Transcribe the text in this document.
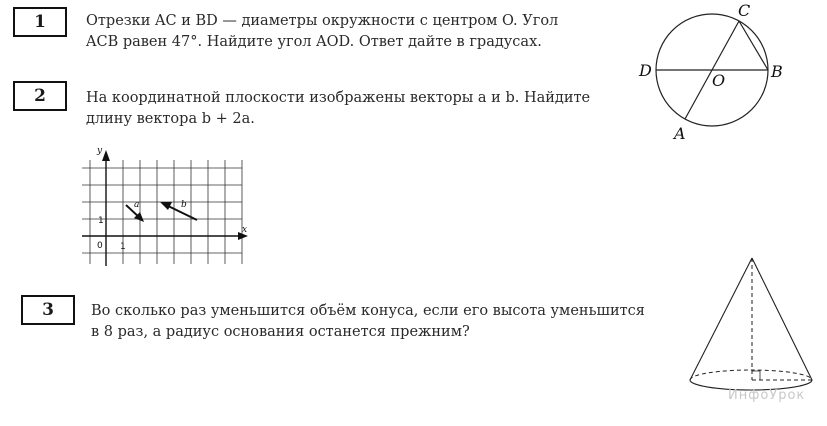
1	Отрезки AC и BD — диаметры окружности с центром O. Угол
ACB равен 47°. Найдите угол AOD. Ответ дайте в градусах.
C
D
O	B
A
2	На координатной плоскости изображены векторы a и b. Найдите
длину вектора b + 2a.
x
y
0 1
1
a	b
3	Во сколько раз уменьшится объём конуса, если его высота уменьшится
в 8 раз, а радиус основания останется прежним?
ИнфоУрок
